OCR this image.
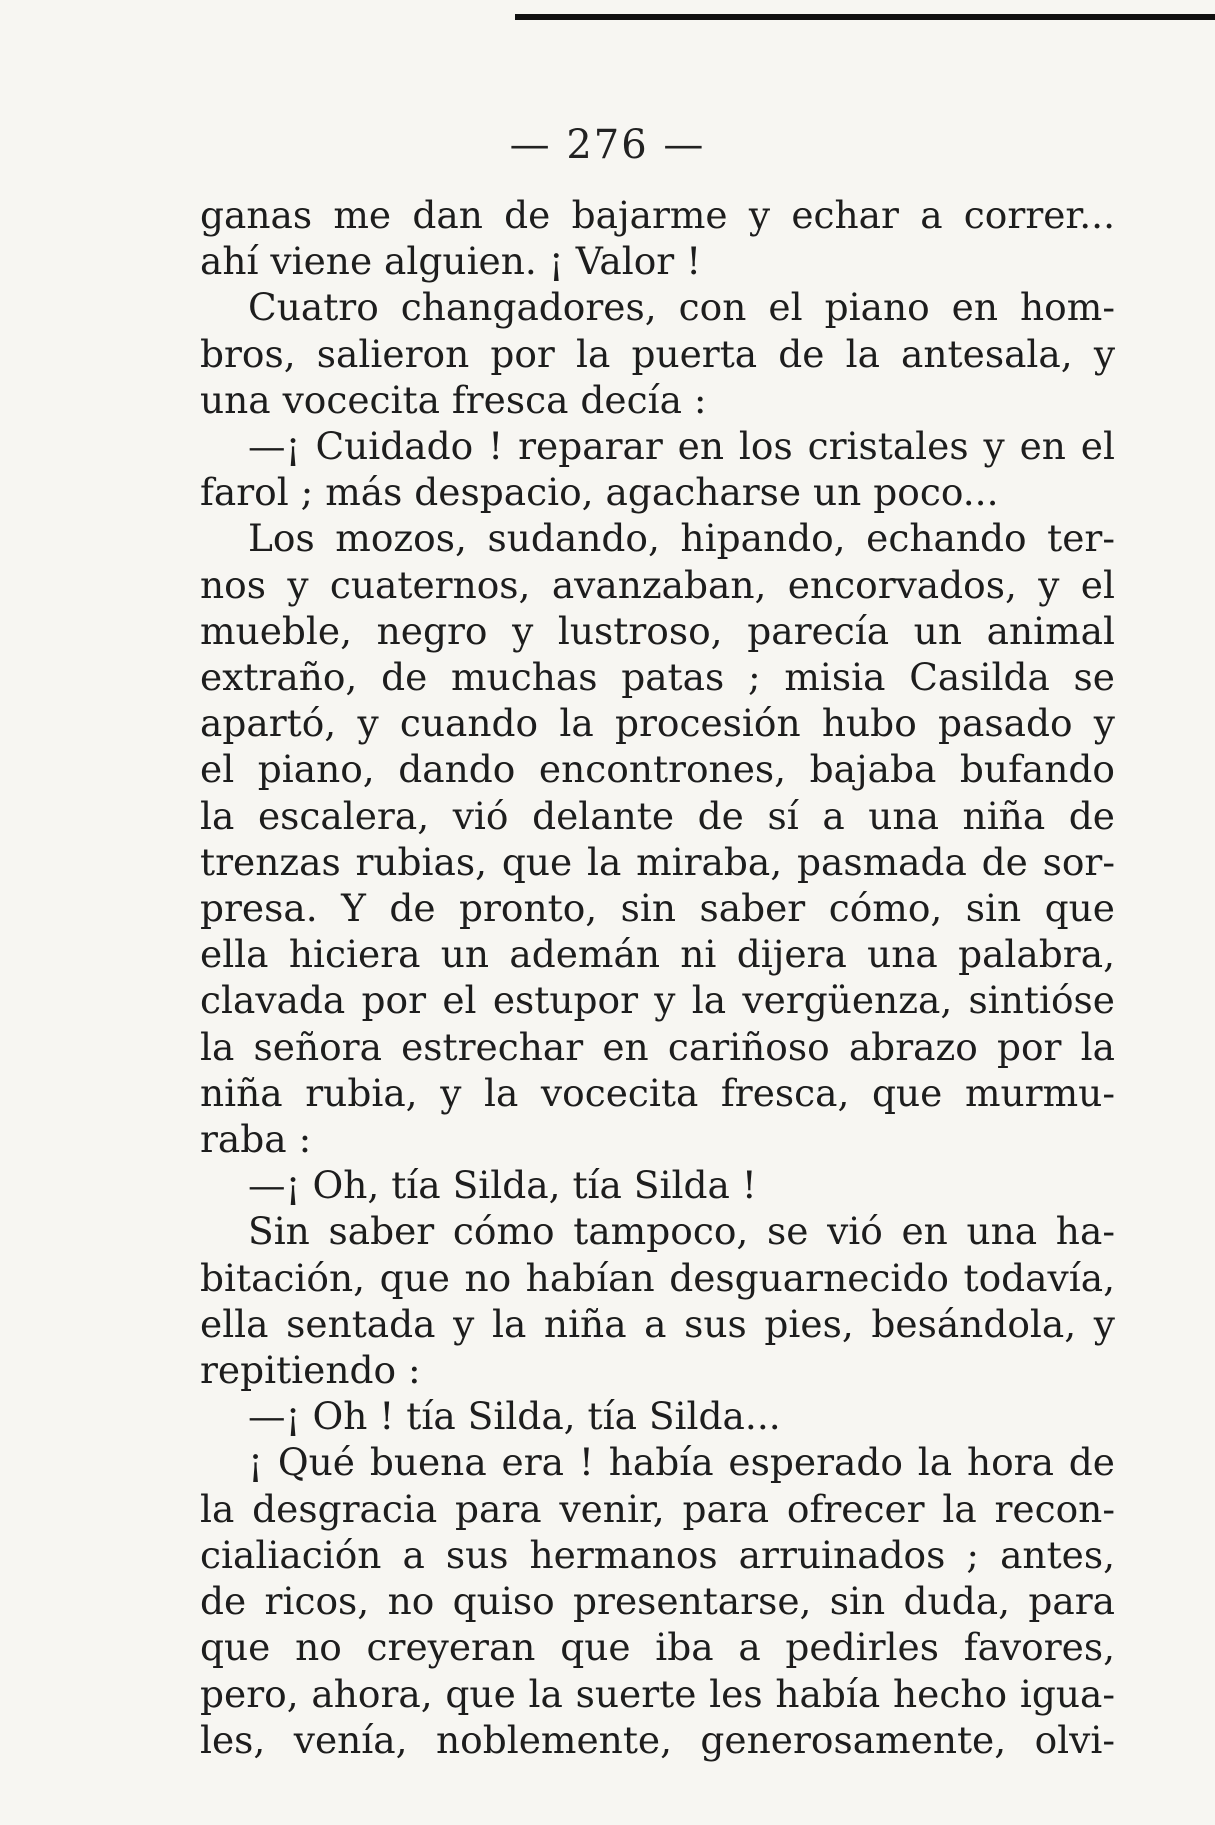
— 276 —
ganas me dan de bajarme y echar a correr...
ahí viene alguien. ¡ Valor !
Cuatro changadores, con el piano en hom-
bros, salieron por la puerta de la antesala, y
una vocecita fresca decía :
—¡ Cuidado ! reparar en los cristales y en el
farol ; más despacio, agacharse un poco...
Los mozos, sudando, hipando, echando ter-
nos y cuaternos, avanzaban, encorvados, y el
mueble, negro y lustroso, parecía un animal
extraño, de muchas patas ; misia Casilda se
apartó, y cuando la procesión hubo pasado y
el piano, dando encontrones, bajaba bufando
la escalera, vió delante de sí a una niña de
trenzas rubias, que la miraba, pasmada de sor-
presa. Y de pronto, sin saber cómo, sin que
ella hiciera un ademán ni dijera una palabra,
clavada por el estupor y la vergüenza, sintióse
la señora estrechar en cariñoso abrazo por la
niña rubia, y la vocecita fresca, que murmu-
raba :
—¡ Oh, tía Silda, tía Silda !
Sin saber cómo tampoco, se vió en una ha-
bitación, que no habían desguarnecido todavía,
ella sentada y la niña a sus pies, besándola, y
repitiendo :
—¡ Oh ! tía Silda, tía Silda...
¡ Qué buena era ! había esperado la hora de
la desgracia para venir, para ofrecer la recon-
cialiación a sus hermanos arruinados ; antes,
de ricos, no quiso presentarse, sin duda, para
que no creyeran que iba a pedirles favores,
pero, ahora, que la suerte les había hecho igua-
les, venía, noblemente, generosamente, olvi-
